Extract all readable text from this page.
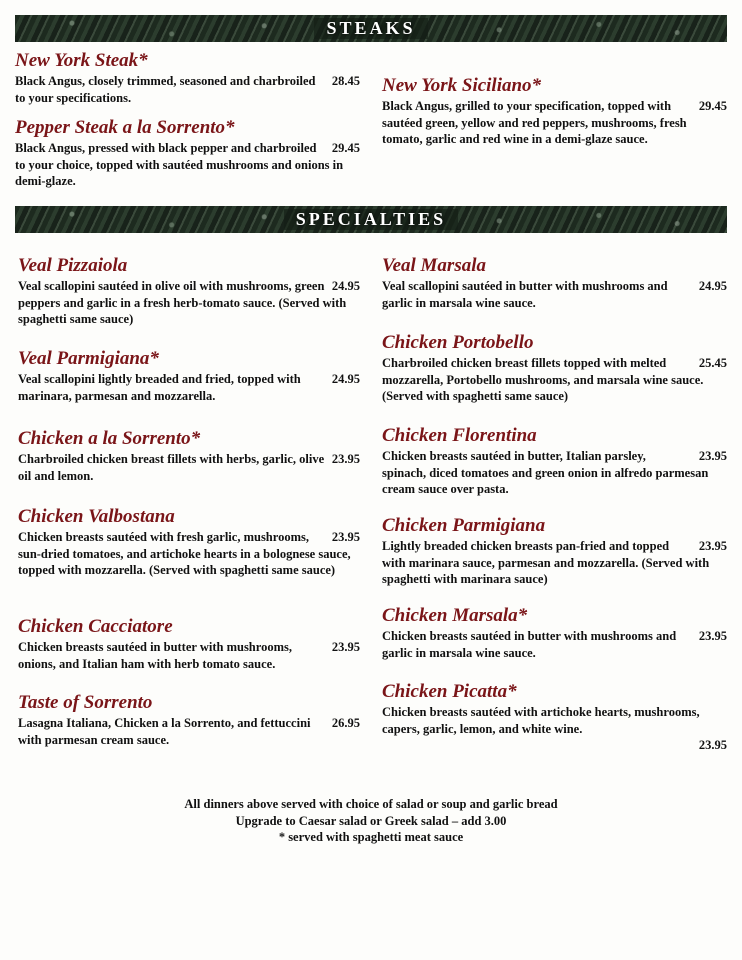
STEAKS
New York Steak*
28.45
Black Angus, closely trimmed, seasoned and charbroiled to your specifications.
Pepper Steak a la Sorrento*
29.45
Black Angus, pressed with black pepper and charbroiled to your choice, topped with sautéed mushrooms and onions in demi-glaze.
New York Siciliano*
29.45
Black Angus, grilled to your specification, topped with sautéed green, yellow and red peppers, mushrooms, fresh tomato, garlic and red wine in a demi-glaze sauce.
SPECIALTIES
Veal Pizzaiola
24.95
Veal scallopini sautéed in olive oil with mushrooms, green peppers and garlic in a fresh herb-tomato sauce. (Served with spaghetti same sauce)
Veal Parmigiana*
24.95
Veal scallopini lightly breaded and fried, topped with marinara, parmesan and mozzarella.
Chicken a la Sorrento*
23.95
Charbroiled chicken breast fillets with herbs, garlic, olive oil and lemon.
Chicken Valbostana
23.95
Chicken breasts sautéed with fresh garlic, mushrooms, sun-dried tomatoes, and artichoke hearts in a bolognese sauce, topped with mozzarella. (Served with spaghetti same sauce)
Chicken Cacciatore
23.95
Chicken breasts sautéed in butter with mushrooms, onions, and Italian ham with herb tomato sauce.
Taste of Sorrento
26.95
Lasagna Italiana, Chicken a la Sorrento, and fettuccini with parmesan cream sauce.
Veal Marsala
24.95
Veal scallopini sautéed in butter with mushrooms and garlic in marsala wine sauce.
Chicken Portobello
25.45
Charbroiled chicken breast fillets topped with melted mozzarella, Portobello mushrooms, and marsala wine sauce. (Served with spaghetti same sauce)
Chicken Florentina
23.95
Chicken breasts sautéed in butter, Italian parsley, spinach, diced tomatoes and green onion in alfredo parmesan cream sauce over pasta.
Chicken Parmigiana
23.95
Lightly breaded chicken breasts pan-fried and topped with marinara sauce, parmesan and mozzarella. (Served with spaghetti with marinara sauce)
Chicken Marsala*
23.95
Chicken breasts sautéed in butter with mushrooms and garlic in marsala wine sauce.
Chicken Picatta*
Chicken breasts sautéed with artichoke hearts, mushrooms, capers, garlic, lemon, and white wine.
23.95
All dinners above served with choice of salad or soup and garlic bread
Upgrade to Caesar salad or Greek salad – add 3.00
* served with spaghetti meat sauce
